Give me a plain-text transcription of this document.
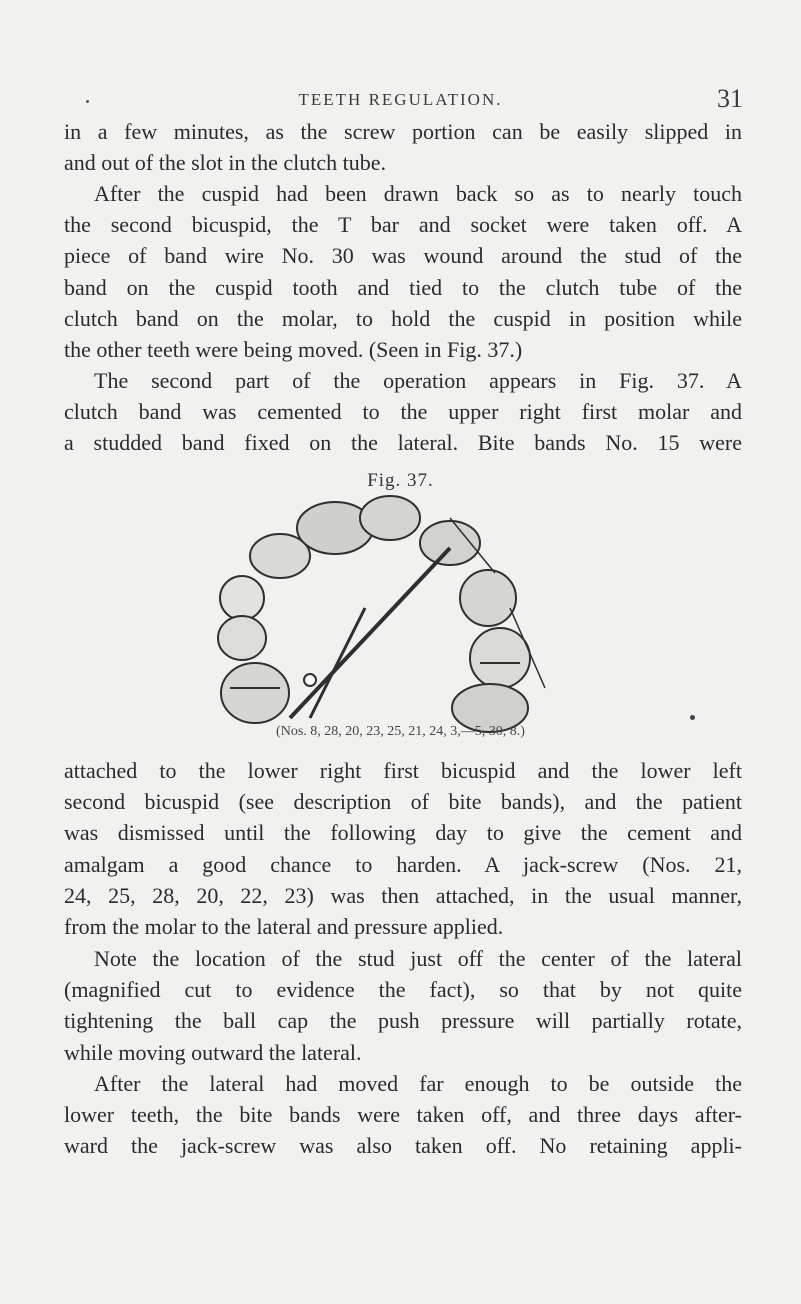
TEETH REGULATION.	31
in a few minutes, as the screw portion can be easily slipped in
and out of the slot in the clutch tube.
After the cuspid had been drawn back so as to nearly touch
the second bicuspid, the T bar and socket were taken off. A
piece of band wire No. 30 was wound around the stud of the
band on the cuspid tooth and tied to the clutch tube of the
clutch band on the molar, to hold the cuspid in position while
the other teeth were being moved. (Seen in Fig. 37.)
The second part of the operation appears in Fig. 37. A
clutch band was cemented to the upper right first molar and
a studded band fixed on the lateral. Bite bands No. 15 were
Fig. 37.
(Nos. 8, 28, 20, 23, 25, 21, 24, 3,—5, 30, 8.)
attached to the lower right first bicuspid and the lower left
second bicuspid (see description of bite bands), and the patient
was dismissed until the following day to give the cement and
amalgam a good chance to harden. A jack-screw (Nos. 21,
24, 25, 28, 20, 22, 23) was then attached, in the usual manner,
from the molar to the lateral and pressure applied.
Note the location of the stud just off the center of the lateral
(magnified cut to evidence the fact), so that by not quite
tightening the ball cap the push pressure will partially rotate,
while moving outward the lateral.
After the lateral had moved far enough to be outside the
lower teeth, the bite bands were taken off, and three days after-
ward the jack-screw was also taken off. No retaining appli-
